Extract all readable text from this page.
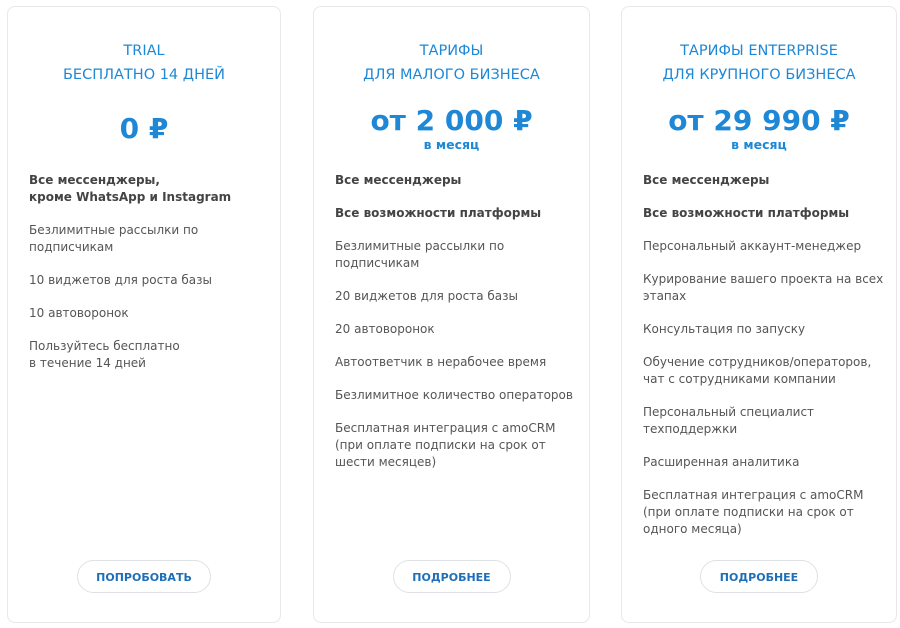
TRIAL
БЕСПЛАТНО 14 ДНЕЙ
0 ₽
Все мессенджеры,
кроме WhatsApp и Instagram
Безлимитные рассылки по
подписчикам
10 виджетов для роста базы
10 автоворонок
Пользуйтесь бесплатно
в течение 14 дней
ПОПРОБОВАТЬ
ТАРИФЫ
ДЛЯ МАЛОГО БИЗНЕСА
от 2 000 ₽
в месяц
Все мессенджеры
Все возможности платформы
Безлимитные рассылки по
подписчикам
20 виджетов для роста базы
20 автоворонок
Автоответчик в нерабочее время
Безлимитное количество операторов
Бесплатная интеграция с amoCRM
(при оплате подписки на срок от
шести месяцев)
ПОДРОБНЕЕ
ТАРИФЫ ENTERPRISE
ДЛЯ КРУПНОГО БИЗНЕСА
от 29 990 ₽
в месяц
Все мессенджеры
Все возможности платформы
Персональный аккаунт-менеджер
Курирование вашего проекта на всех
этапах
Консультация по запуску
Обучение сотрудников/операторов,
чат с сотрудниками компании
Персональный специалист
техподдержки
Расширенная аналитика
Бесплатная интеграция с amoCRM
(при оплате подписки на срок от
одного месяца)
ПОДРОБНЕЕ
